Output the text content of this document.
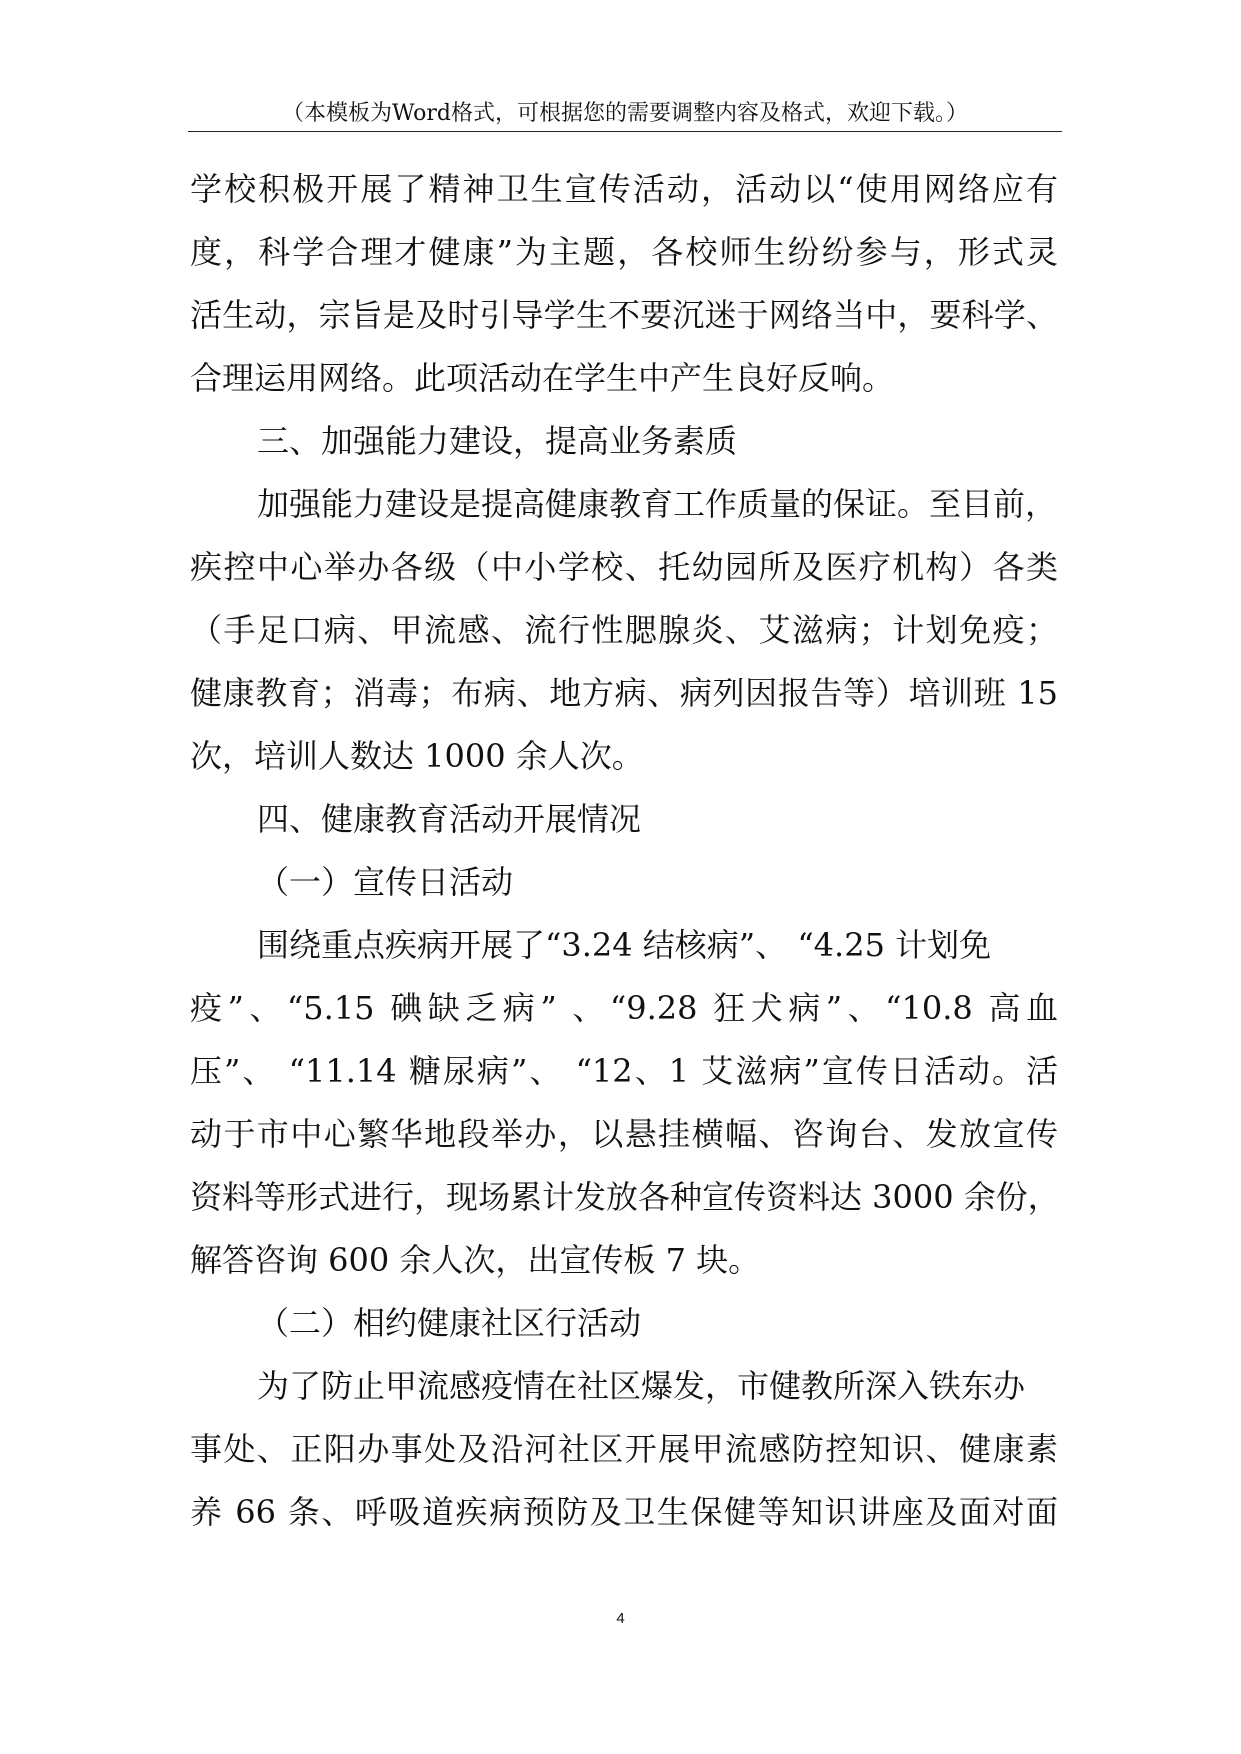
（本模板为Word格式，可根据您的需要调整内容及格式，欢迎下载。）
学校积极开展了精神卫生宣传活动，活动以“使用网络应有
度，科学合理才健康”为主题，各校师生纷纷参与，形式灵
活生动，宗旨是及时引导学生不要沉迷于网络当中，要科学、
合理运用网络。此项活动在学生中产生良好反响。
三、加强能力建设，提高业务素质
加强能力建设是提高健康教育工作质量的保证。至目前，
疾控中心举办各级（中小学校、托幼园所及医疗机构）各类
（手足口病、甲流感、流行性腮腺炎、艾滋病；计划免疫；
健康教育；消毒；布病、地方病、病列因报告等）培训班 15
次，培训人数达 1000 余人次。
四、健康教育活动开展情况
（一）宣传日活动
围绕重点疾病开展了“3.24 结核病”、 “4.25 计划免
疫”、“5.15 碘缺乏病” 、“9.28 狂犬病”、“10.8 高血
压”、 “11.14 糖尿病”、 “12、1 艾滋病”宣传日活动。活
动于市中心繁华地段举办，以悬挂横幅、咨询台、发放宣传
资料等形式进行，现场累计发放各种宣传资料达 3000 余份，
解答咨询 600 余人次，出宣传板 7 块。
（二）相约健康社区行活动
为了防止甲流感疫情在社区爆发，市健教所深入铁东办
事处、正阳办事处及沿河社区开展甲流感防控知识、健康素
养 66 条、呼吸道疾病预防及卫生保健等知识讲座及面对面
4
